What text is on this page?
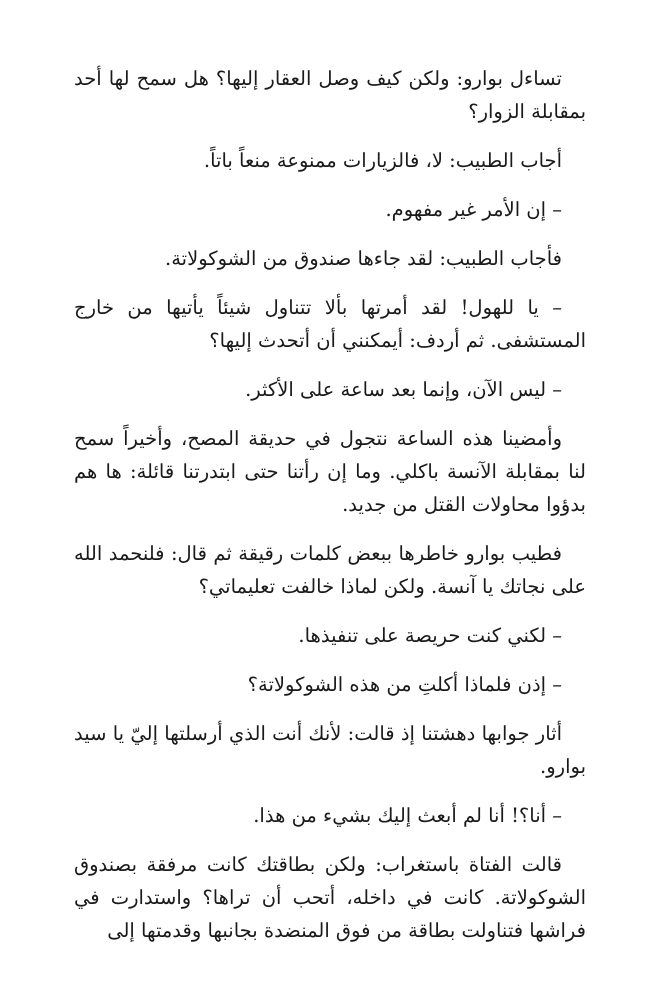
تساءل بوارو: ولكن كيف وصل العقار إليها؟ هل سمح لها أحد بمقابلة الزوار؟

أجاب الطبيب: لا، فالزيارات ممنوعة منعاً باتاً.

– إن الأمر غير مفهوم.

فأجاب الطبيب: لقد جاءها صندوق من الشوكولاتة.

– يا للهول! لقد أمرتها بألا تتناول شيئاً يأتيها من خارج المستشفى. ثم أردف: أيمكنني أن أتحدث إليها؟

– ليس الآن، وإنما بعد ساعة على الأكثر.

وأمضينا هذه الساعة نتجول في حديقة المصح، وأخيراً سمح لنا بمقابلة الآنسة باكلي. وما إن رأتنا حتى ابتدرتنا قائلة: ها هم بدؤوا محاولات القتل من جديد.

فطيب بوارو خاطرها ببعض كلمات رقيقة ثم قال: فلنحمد الله على نجاتك يا آنسة. ولكن لماذا خالفت تعليماتي؟

– لكني كنت حريصة على تنفيذها.

– إذن فلماذا أكلتِ من هذه الشوكولاتة؟

أثار جوابها دهشتنا إذ قالت: لأنك أنت الذي أرسلتها إليّ يا سيد بوارو.

– أنا؟! أنا لم أبعث إليك بشيء من هذا.

قالت الفتاة باستغراب: ولكن بطاقتك كانت مرفقة بصندوق الشوكولاتة. كانت في داخله، أتحب أن تراها؟ واستدارت في فراشها فتناولت بطاقة من فوق المنضدة بجانبها وقدمتها إلى
